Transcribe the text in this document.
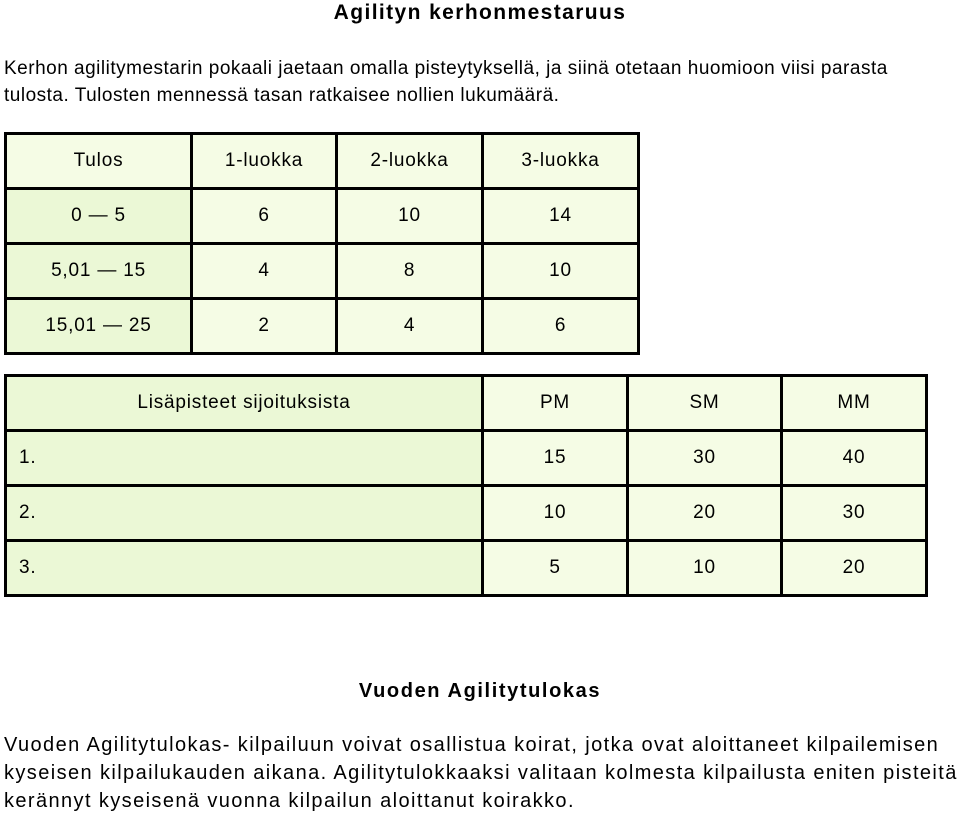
Agilityn kerhonmestaruus
Kerhon agilitymestarin pokaali jaetaan omalla pisteytyksellä, ja siinä otetaan huomioon viisi parasta tulosta. Tulosten mennessä tasan ratkaisee nollien lukumäärä.
Tulos	1-luokka	2-luokka	3-luokka
0 — 5	6	10	14
5,01 — 15	4	8	10
15,01 — 25	2	4	6
Lisäpisteet sijoituksista	PM	SM	MM
1.	15	30	40
2.	10	20	30
3.	5	10	20
Vuoden Agilitytulokas
Vuoden Agilitytulokas- kilpailuun voivat osallistua koirat, jotka ovat aloittaneet kilpailemisen kyseisen kilpailukauden aikana. Agilitytulokkaaksi valitaan kolmesta kilpailusta eniten pisteitä kerännyt kyseisenä vuonna kilpailun aloittanut koirakko.
